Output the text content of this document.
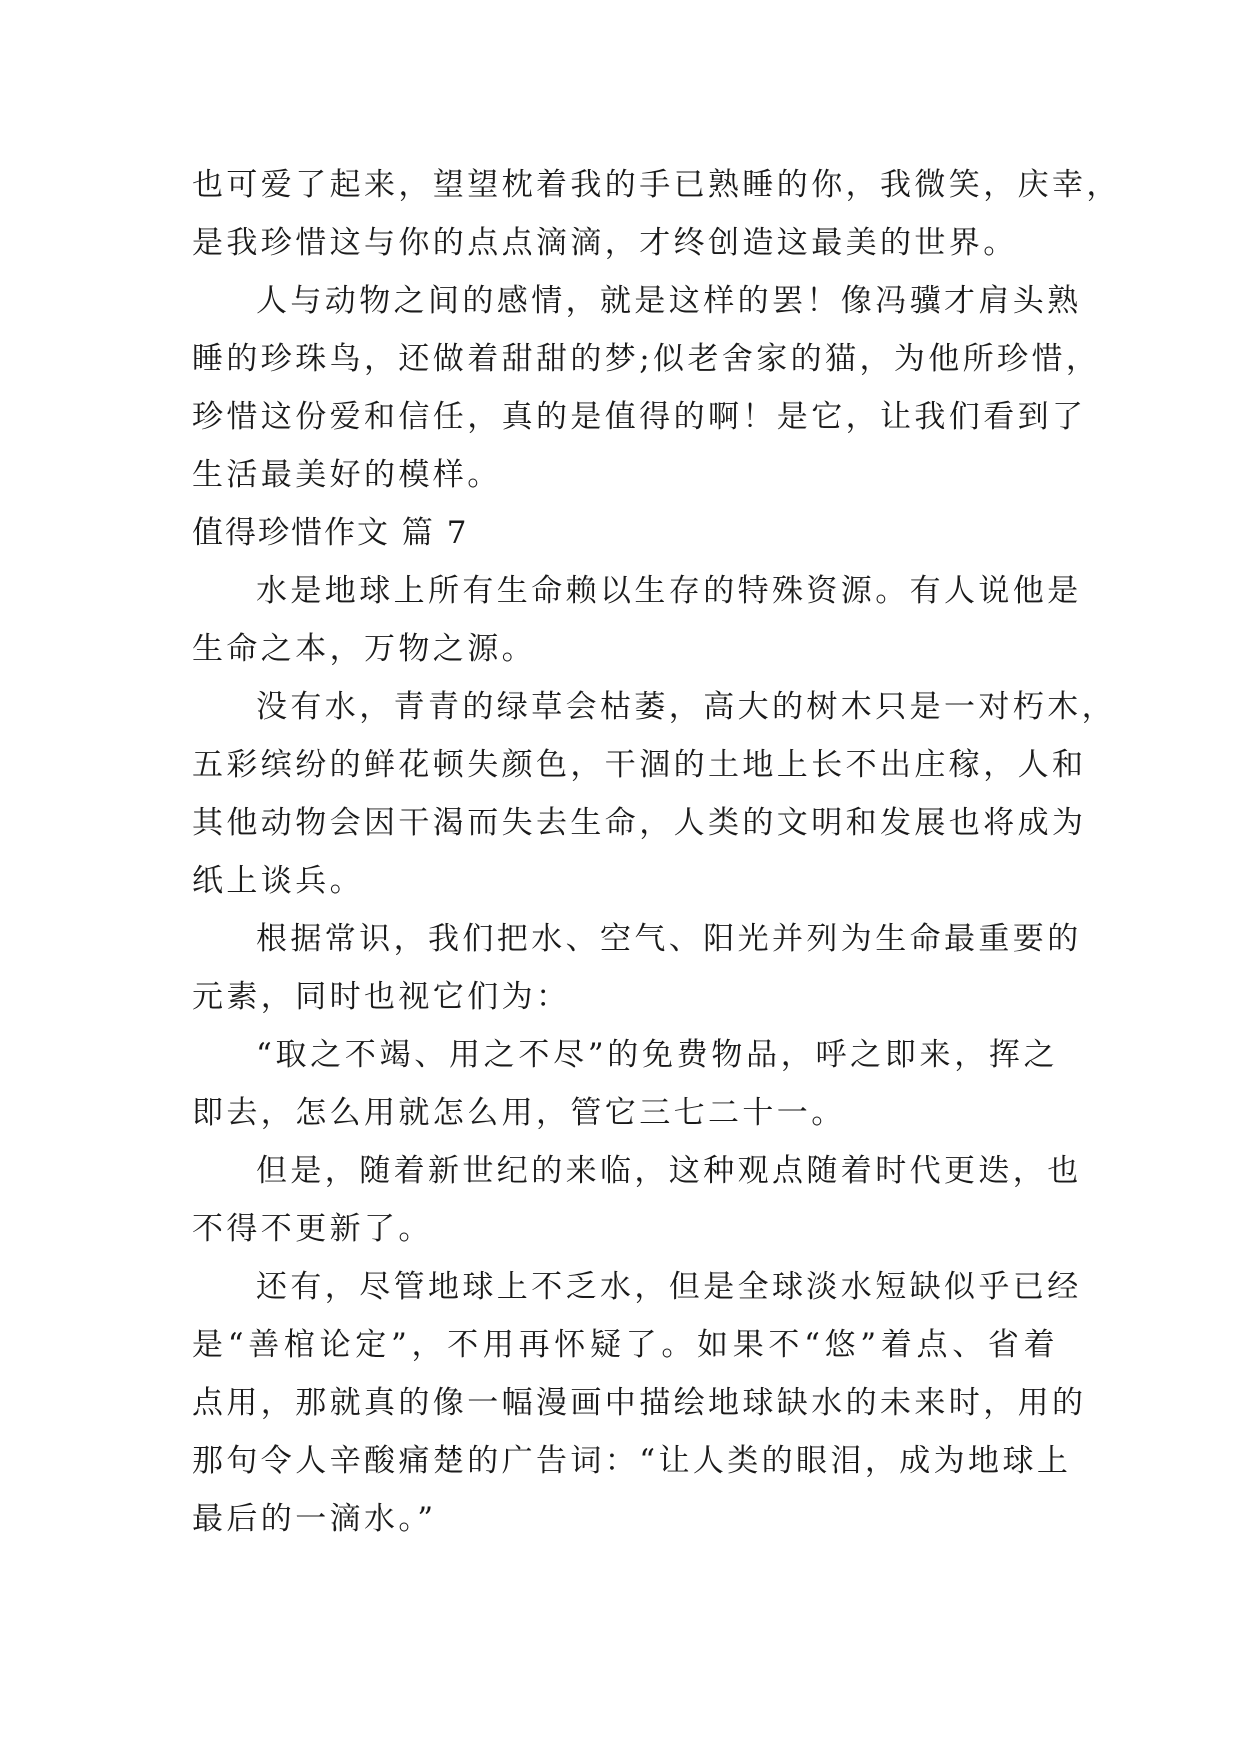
也可爱了起来，望望枕着我的手已熟睡的你，我微笑，庆幸，
是我珍惜这与你的点点滴滴，才终创造这最美的世界。
人与动物之间的感情，就是这样的罢！像冯骥才肩头熟
睡的珍珠鸟，还做着甜甜的梦;似老舍家的猫，为他所珍惜，
珍惜这份爱和信任，真的是值得的啊！是它，让我们看到了
生活最美好的模样。
值得珍惜作文 篇 7
水是地球上所有生命赖以生存的特殊资源。有人说他是
生命之本，万物之源。
没有水，青青的绿草会枯萎，高大的树木只是一对朽木，
五彩缤纷的鲜花顿失颜色，干涸的土地上长不出庄稼，人和
其他动物会因干渴而失去生命，人类的文明和发展也将成为
纸上谈兵。
根据常识，我们把水、空气、阳光并列为生命最重要的
元素，同时也视它们为：
“取之不竭、用之不尽”的免费物品，呼之即来，挥之
即去，怎么用就怎么用，管它三七二十一。
但是，随着新世纪的来临，这种观点随着时代更迭，也
不得不更新了。
还有，尽管地球上不乏水，但是全球淡水短缺似乎已经
是“善棺论定”，不用再怀疑了。如果不“悠”着点、省着
点用，那就真的像一幅漫画中描绘地球缺水的未来时，用的
那句令人辛酸痛楚的广告词：“让人类的眼泪，成为地球上
最后的一滴水。”
